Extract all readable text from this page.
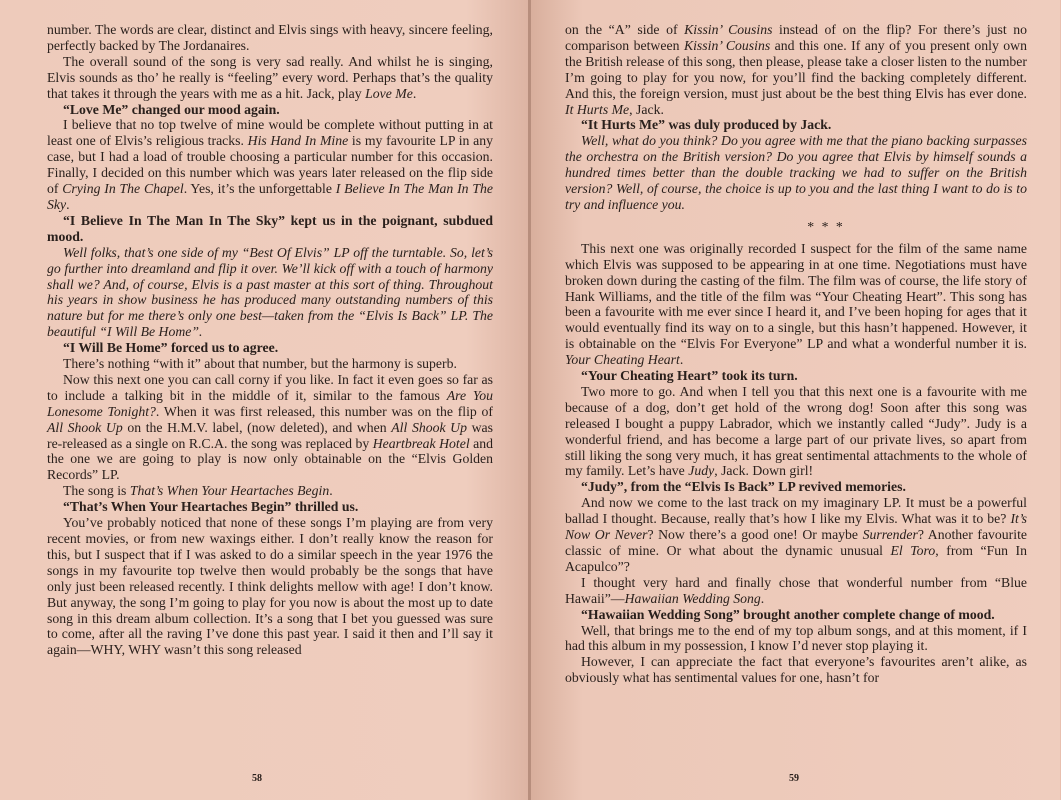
number. The words are clear, distinct and Elvis sings with heavy, sincere feeling, perfectly backed by The Jordanaires.

The overall sound of the song is very sad really. And whilst he is singing, Elvis sounds as tho’ he really is “feeling” every word. Perhaps that’s the quality that takes it through the years with me as a hit. Jack, play Love Me.

“Love Me” changed our mood again.

I believe that no top twelve of mine would be complete without putting in at least one of Elvis’s religious tracks. His Hand In Mine is my favourite LP in any case, but I had a load of trouble choosing a particular number for this occasion. Finally, I decided on this number which was years later released on the flip side of Crying In The Chapel. Yes, it’s the unforgettable I Believe In The Man In The Sky.

“I Believe In The Man In The Sky” kept us in the poignant, subdued mood.

Well folks, that’s one side of my “Best Of Elvis” LP off the turntable. So, let’s go further into dreamland and flip it over. We’ll kick off with a touch of harmony shall we? And, of course, Elvis is a past master at this sort of thing. Throughout his years in show business he has produced many outstanding numbers of this nature but for me there’s only one best—taken from the “Elvis Is Back” LP. The beautiful “I Will Be Home”.

“I Will Be Home” forced us to agree.

There’s nothing “with it” about that number, but the harmony is superb.

Now this next one you can call corny if you like. In fact it even goes so far as to include a talking bit in the middle of it, similar to the famous Are You Lonesome Tonight?. When it was first released, this number was on the flip of All Shook Up on the H.M.V. label, (now deleted), and when All Shook Up was re-released as a single on R.C.A. the song was replaced by Heartbreak Hotel and the one we are going to play is now only obtainable on the “Elvis Golden Records” LP.

The song is That’s When Your Heartaches Begin.

“That’s When Your Heartaches Begin” thrilled us.

You’ve probably noticed that none of these songs I’m playing are from very recent movies, or from new waxings either. I don’t really know the reason for this, but I suspect that if I was asked to do a similar speech in the year 1976 the songs in my favourite top twelve then would probably be the songs that have only just been released recently. I think delights mellow with age! I don’t know. But anyway, the song I’m going to play for you now is about the most up to date song in this dream album collection. It’s a song that I bet you guessed was sure to come, after all the raving I’ve done this past year. I said it then and I’ll say it again—WHY, WHY wasn’t this song released

58

on the “A” side of Kissin’ Cousins instead of on the flip? For there’s just no comparison between Kissin’ Cousins and this one. If any of you present only own the British release of this song, then please, please take a closer listen to the number I’m going to play for you now, for you’ll find the backing completely different. And this, the foreign version, must just about be the best thing Elvis has ever done. It Hurts Me, Jack.

“It Hurts Me” was duly produced by Jack.

Well, what do you think? Do you agree with me that the piano backing surpasses the orchestra on the British version? Do you agree that Elvis by himself sounds a hundred times better than the double tracking we had to suffer on the British version? Well, of course, the choice is up to you and the last thing I want to do is to try and influence you.

* * *

This next one was originally recorded I suspect for the film of the same name which Elvis was supposed to be appearing in at one time. Negotiations must have broken down during the casting of the film. The film was of course, the life story of Hank Williams, and the title of the film was “Your Cheating Heart”. This song has been a favourite with me ever since I heard it, and I’ve been hoping for ages that it would eventually find its way on to a single, but this hasn’t happened. However, it is obtainable on the “Elvis For Everyone” LP and what a wonderful number it is. Your Cheating Heart.

“Your Cheating Heart” took its turn.

Two more to go. And when I tell you that this next one is a favourite with me because of a dog, don’t get hold of the wrong dog! Soon after this song was released I bought a puppy Labrador, which we instantly called “Judy”. Judy is a wonderful friend, and has become a large part of our private lives, so apart from still liking the song very much, it has great sentimental attachments to the whole of my family. Let’s have Judy, Jack. Down girl!

“Judy”, from the “Elvis Is Back” LP revived memories.

And now we come to the last track on my imaginary LP. It must be a powerful ballad I thought. Because, really that’s how I like my Elvis. What was it to be? It’s Now Or Never? Now there’s a good one! Or maybe Surrender? Another favourite classic of mine. Or what about the dynamic unusual El Toro, from “Fun In Acapulco”?

I thought very hard and finally chose that wonderful number from “Blue Hawaii”—Hawaiian Wedding Song.

“Hawaiian Wedding Song” brought another complete change of mood.

Well, that brings me to the end of my top album songs, and at this moment, if I had this album in my possession, I know I’d never stop playing it.

However, I can appreciate the fact that everyone’s favourites aren’t alike, as obviously what has sentimental values for one, hasn’t for

59
